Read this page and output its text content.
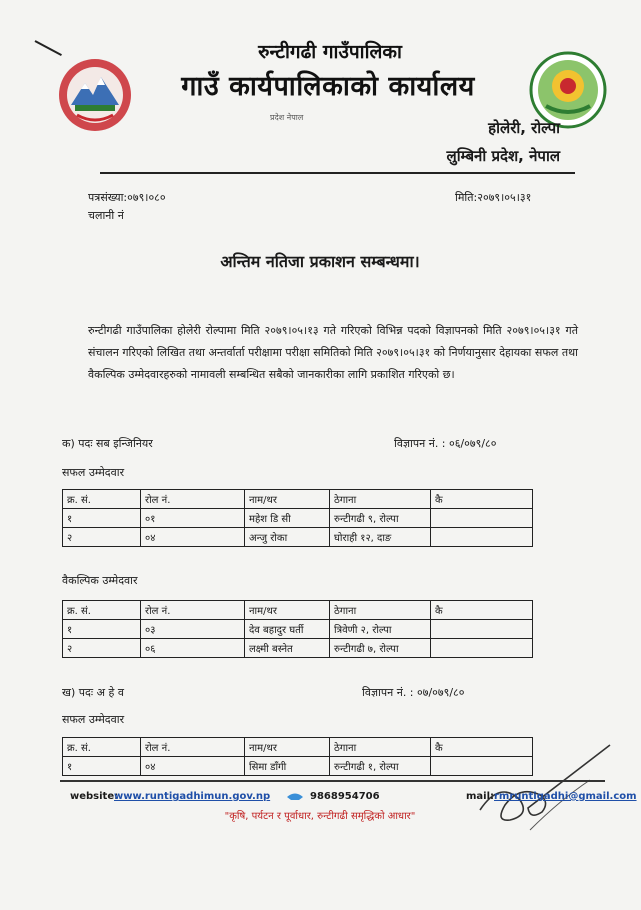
रुन्टीगढी गाउँपालिका
गाउँ कार्यपालिकाको कार्यालय
प्रदेश नेपाल
होलेरी, रोल्पा
लुम्बिनी प्रदेश, नेपाल
पत्रसंख्या:०७९।०८०
चलानी नं
मिति:२०७९।०५।३१
अन्तिम नतिजा प्रकाशन सम्बन्धमा।
रुन्टीगढी गाउँपालिका होलेरी रोल्पामा मिति २०७९।०५।१३ गते गरिएको विभिन्न पदको विज्ञापनको मिति २०७९।०५।३१ गते संचालन गरिएको लिखित तथा अन्तर्वार्ता परीक्षामा परीक्षा समितिको मिति २०७९।०५।३१ को निर्णयानुसार देहायका सफल तथा वैकल्पिक उम्मेदवारहरुको नामावली सम्बन्धित सबैको जानकारीका लागि प्रकाशित गरिएको छ।
क) पदः सब इन्जिनियर	विज्ञापन नं. : ०६/०७९/८०
सफल उम्मेदवार
क्र. सं.	रोल नं.	नाम/थर	ठेगाना	कै
१	०१	महेश डि सी	रुन्टीगढी ९, रोल्पा	
२	०४	अन्जु रोका	घोराही १२, दाङ	
वैकल्पिक उम्मेदवार
क्र. सं.	रोल नं.	नाम/थर	ठेगाना	कै
१	०३	देव बहादुर घर्ती	त्रिवेणी २, रोल्पा	
२	०६	लक्ष्मी बस्नेत	रुन्टीगढी ७, रोल्पा	
ख) पदः अ हे व	विज्ञापन नं. : ०७/०७९/८०
सफल उम्मेदवार
क्र. सं.	रोल नं.	नाम/थर	ठेगाना	कै
१	०४	सिमा डाँगी	रुन्टीगढी १, रोल्पा	
website:
www.runtigadhimun.gov.np	9868954706	mail: rmruntigadhi@gmail.com
"कृषि, पर्यटन र पूर्वाधार, रुन्टीगढी समृद्धिको आधार"
